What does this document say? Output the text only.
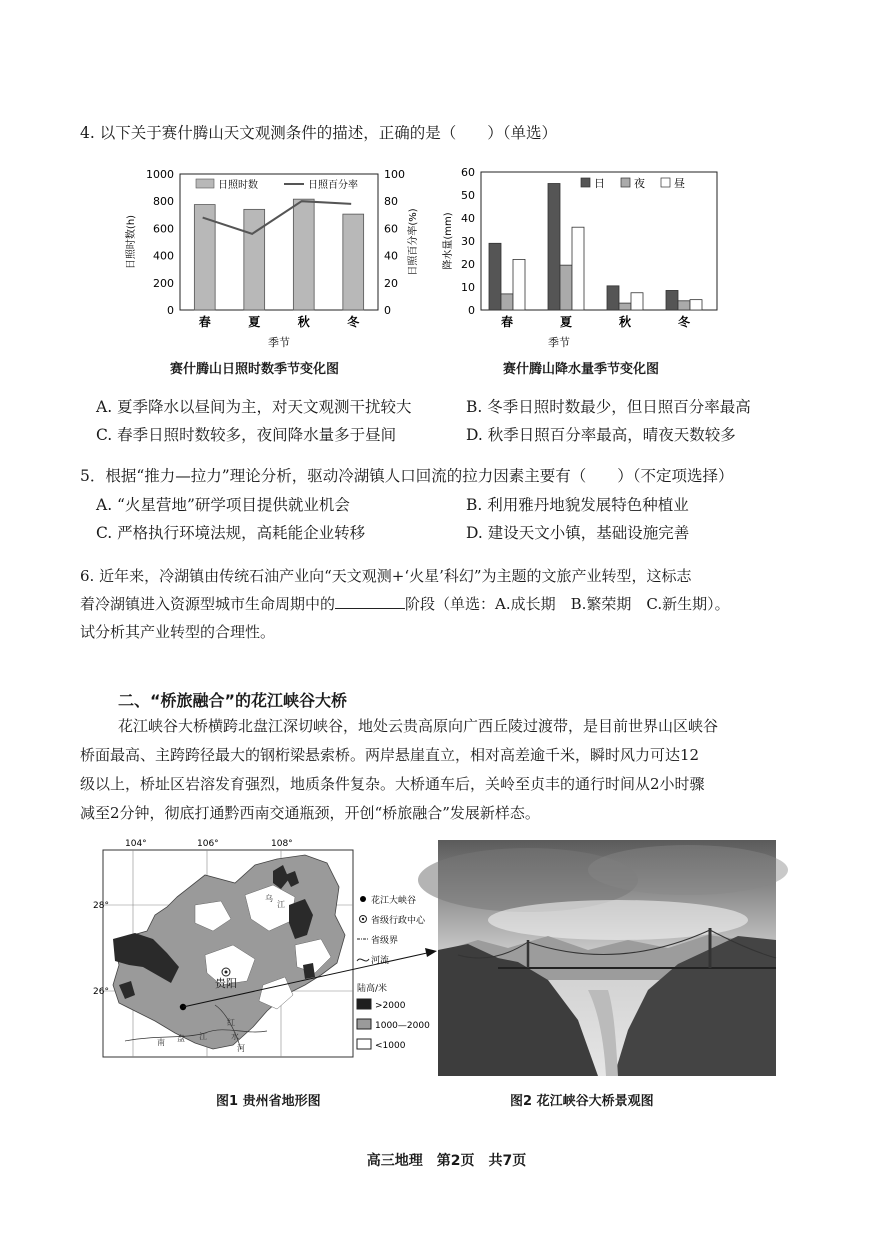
4. 以下关于赛什腾山天文观测条件的描述，正确的是（　　）（单选）
0
200
400
600
800
1000
0
20
40
60
80
100
春	夏	秋	冬
季节
日照时数(h)	日照百分率(%)
日照时数	日照百分率
赛什腾山日照时数季节变化图
0
10
20
30
40
50
60
春	夏	秋	冬
季节
降水量(mm)
日	夜	昼
赛什腾山降水量季节变化图
A. 夏季降水以昼间为主，对天文观测干扰较大	B. 冬季日照时数最少，但日照百分率最高
C. 春季日照时数较多，夜间降水量多于昼间	D. 秋季日照百分率最高，晴夜天数较多
5．根据“推力—拉力”理论分析，驱动冷湖镇人口回流的拉力因素主要有（　　）（不定项选择）
A. “火星营地”研学项目提供就业机会	B. 利用雅丹地貌发展特色种植业
C. 严格执行环境法规，高耗能企业转移	D. 建设天文小镇，基础设施完善
6. 近年来，冷湖镇由传统石油产业向“天文观测+‘火星’科幻”为主题的文旅产业转型，这标志
着冷湖镇进入资源型城市生命周期中的	阶段（单选：A.成长期　B.繁荣期　C.新生期）。
试分析其产业转型的合理性。
二、“桥旅融合”的花江峡谷大桥
花江峡谷大桥横跨北盘江深切峡谷，地处云贵高原向广西丘陵过渡带，是目前世界山区峡谷
桥面最高、主跨跨径最大的钢桁梁悬索桥。两岸悬崖直立，相对高差逾千米，瞬时风力可达12
级以上，桥址区岩溶发育强烈，地质条件复杂。大桥通车后，关岭至贞丰的通行时间从2小时骤
减至2分钟，彻底打通黔西南交通瓶颈，开创“桥旅融合”发展新样态。
104°	106°	108°
28°
26°
南 盘 江
红
水
河
乌
江
贵阳
花江大峡谷
省级行政中心
省级界
河流
陆高/米
>2000
1000—2000
<1000
图1 贵州省地形图	图2 花江峡谷大桥景观图
高三地理　第2页　共7页
